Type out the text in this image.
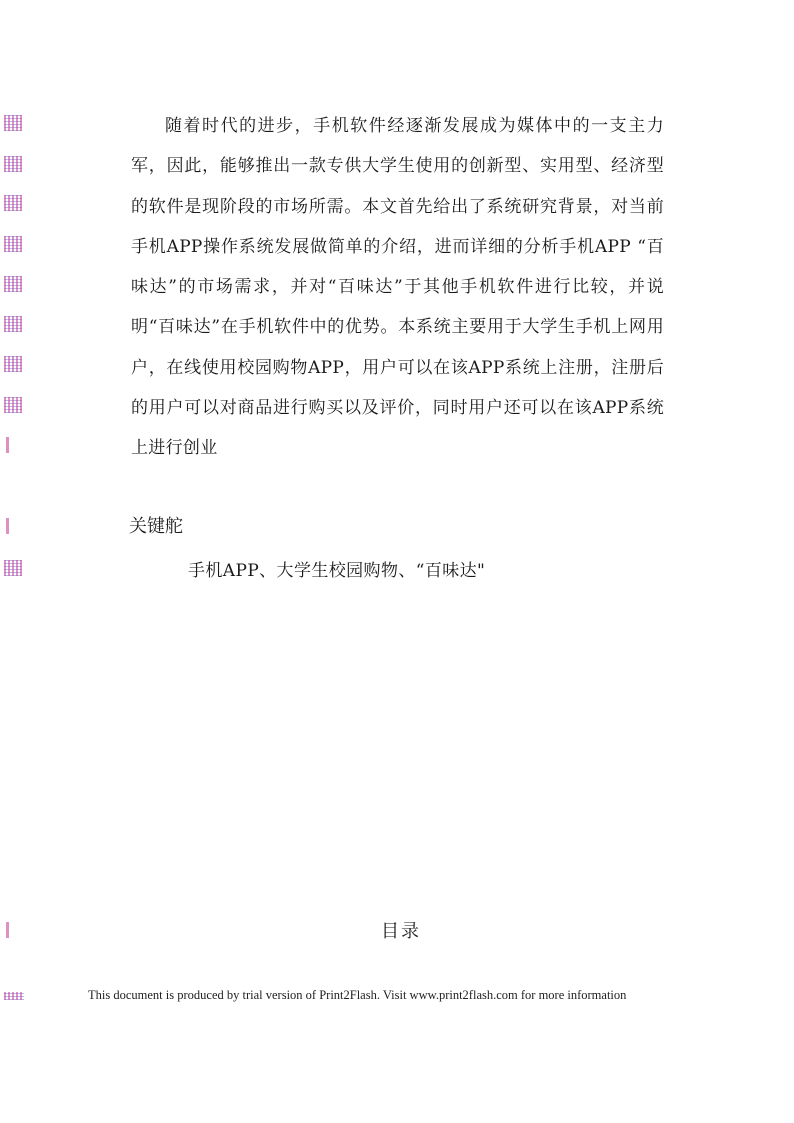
随着时代的进步，手机软件经逐渐发展成为媒体中的一支主力军，因此，能够推出一款专供大学生使用的创新型、实用型、经济型的软件是现阶段的市场所需。本文首先给出了系统研究背景，对当前手机APP操作系统发展做简单的介绍，进而详细的分析手机APP “百味达”的市场需求，并对“百味达”于其他手机软件进行比较，并说明“百味达”在手机软件中的优势。本系统主要用于大学生手机上网用户，在线使用校园购物APP，用户可以在该APP系统上注册，注册后的用户可以对商品进行购买以及评价，同时用户还可以在该APP系统上进行创业

关键舵
手机APP、大学生校园购物、“百味达"
目录
This document is produced by trial version of Print2Flash. Visit www.print2flash.com for more information
